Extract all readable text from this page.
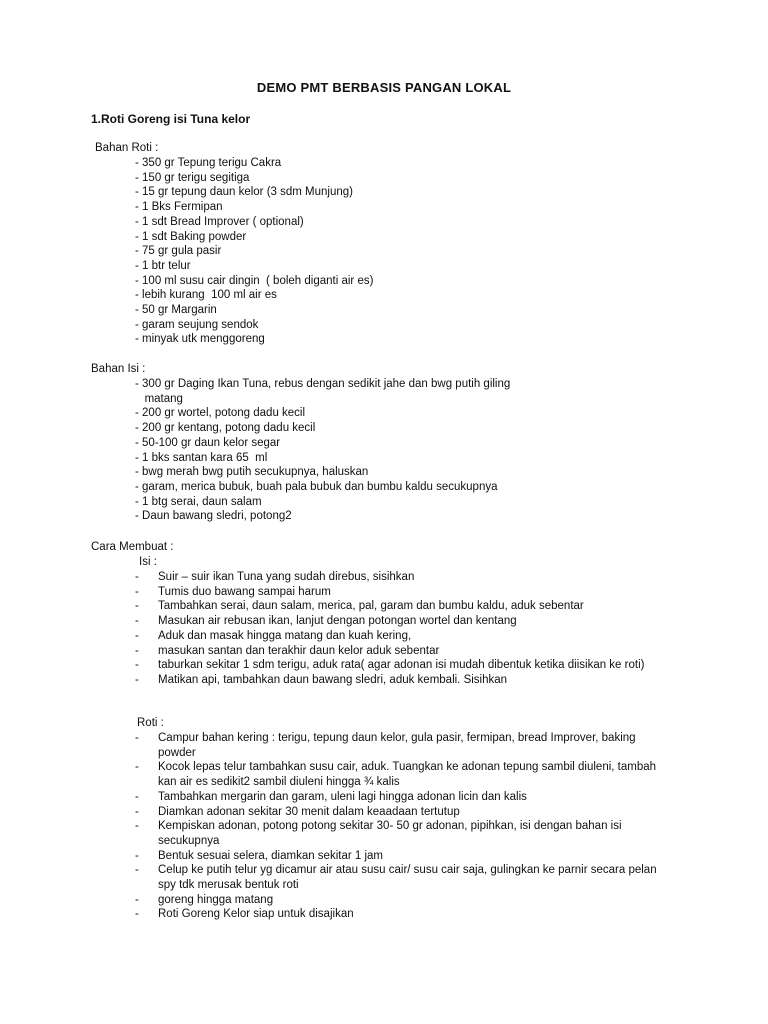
DEMO PMT BERBASIS PANGAN LOKAL
1.Roti Goreng isi Tuna kelor
Bahan Roti :
- 350 gr Tepung terigu Cakra
- 150 gr terigu segitiga
- 15 gr tepung daun kelor (3 sdm Munjung)
- 1 Bks Fermipan
- 1 sdt Bread Improver ( optional)
- 1 sdt Baking powder
- 75 gr gula pasir
- 1 btr telur
- 100 ml susu cair dingin  ( boleh diganti air es)
- lebih kurang  100 ml air es
- 50 gr Margarin
- garam seujung sendok
- minyak utk menggoreng
Bahan Isi :
- 300 gr Daging Ikan Tuna, rebus dengan sedikit jahe dan bwg putih giling
matang
- 200 gr wortel, potong dadu kecil
- 200 gr kentang, potong dadu kecil
- 50-100 gr daun kelor segar
- 1 bks santan kara 65  ml
- bwg merah bwg putih secukupnya, haluskan
- garam, merica bubuk, buah pala bubuk dan bumbu kaldu secukupnya
- 1 btg serai, daun salam
- Daun bawang sledri, potong2
Cara Membuat :
Isi :
- Suir – suir ikan Tuna yang sudah direbus, sisihkan
- Tumis duo bawang sampai harum
- Tambahkan serai, daun salam, merica, pal, garam dan bumbu kaldu, aduk sebentar
- Masukan air rebusan ikan, lanjut dengan potongan wortel dan kentang
- Aduk dan masak hingga matang dan kuah kering,
- masukan santan dan terakhir daun kelor aduk sebentar
- taburkan sekitar 1 sdm terigu, aduk rata( agar adonan isi mudah dibentuk ketika diisikan ke roti)
- Matikan api, tambahkan daun bawang sledri, aduk kembali. Sisihkan
Roti :
- Campur bahan kering : terigu, tepung daun kelor, gula pasir, fermipan, bread Improver, baking powder
- Kocok lepas telur tambahkan susu cair, aduk. Tuangkan ke adonan tepung sambil diuleni, tambah kan air es sedikit2 sambil diuleni hingga ¾ kalis
- Tambahkan mergarin dan garam, uleni lagi hingga adonan licin dan kalis
- Diamkan adonan sekitar 30 menit dalam keaadaan tertutup
- Kempiskan adonan, potong potong sekitar 30- 50 gr adonan, pipihkan, isi dengan bahan isi secukupnya
- Bentuk sesuai selera, diamkan sekitar 1 jam
- Celup ke putih telur yg dicamur air atau susu cair/ susu cair saja, gulingkan ke parnir secara pelan spy tdk merusak bentuk roti
- goreng hingga matang
- Roti Goreng Kelor siap untuk disajikan
